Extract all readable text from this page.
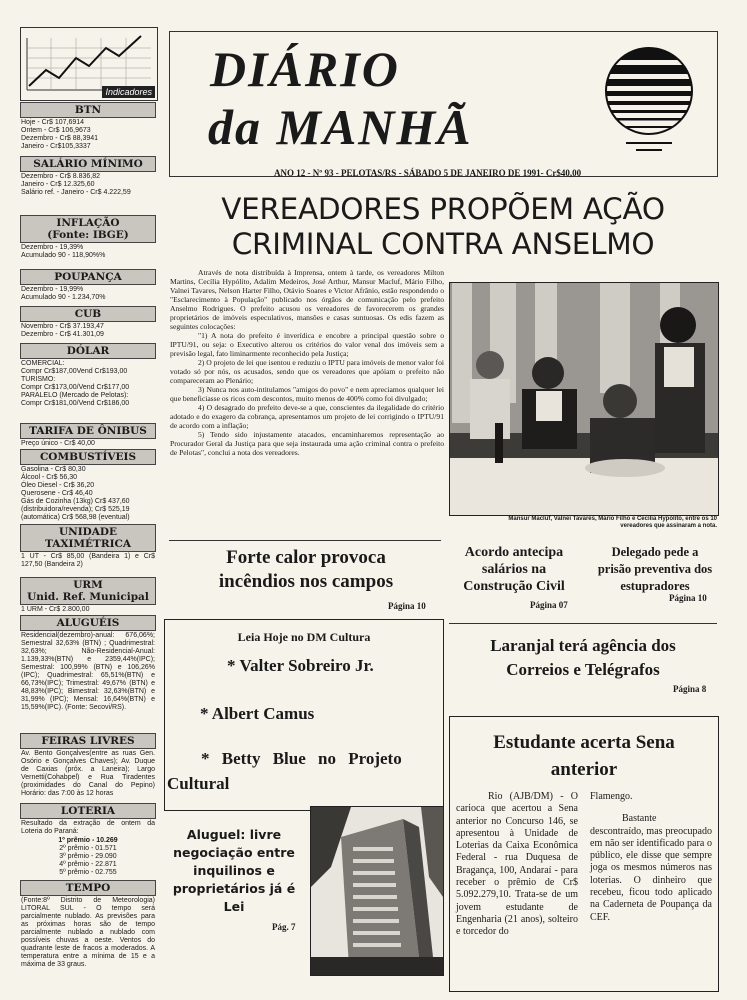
Indicadores
BTN
Hoje - Cr$ 107,6914
Ontem - Cr$ 106,9673
Dezembro - Cr$ 88,3941
Janeiro - Cr$105,3337
SALÁRIO MÍNIMO
Dezembro - Cr$ 8.836,82
Janeiro - Cr$ 12.325,60
Salário ref. - Janeiro - Cr$ 4.222,59
INFLAÇÃO
(Fonte: IBGE)
Dezembro - 19,39%
Acumulado 90 - 118,90%%
POUPANÇA
Dezembro - 19,99%
Acumulado 90 - 1.234,70%
CUB
Novembro - Cr$ 37.193,47
Dezembro - Cr$ 41.301,09
DÓLAR
COMERCIAL:
Compr Cr$187,00Vend Cr$193,00
TURISMO:
Compr Cr$173,00/Vend Cr$177,00
PARALELO (Mercado de Pelotas):
Compr Cr$181,00/Vend Cr$186,00
TARIFA DE ÔNIBUS
Preço único - Cr$ 40,00
COMBUSTÍVEIS
Gasolina - Cr$ 80,30
Álcool - Cr$ 56,30
Óleo Diesel - Cr$ 36,20
Querosene - Cr$ 46,40
Gás de Cozinha (13kg) Cr$ 437,60
(distribuidora/revenda); Cr$ 525,19
(automática) Cr$ 568,98 (eventual)
UNIDADE
TAXIMÉTRICA
1 UT - Cr$ 85,00 (Bandeira 1) e Cr$ 127,50 (Bandeira 2)
URM
Unid. Ref. Municipal
1 URM - Cr$ 2.800,00
ALUGUÉIS
Residencial(dezembro)-anual: 676,06%; Semestral 32,63% (BTN) ; Quadrimestral: 32,63%; Não-Residencial-Anual: 1.139,33%(BTN) e 2359,44%(IPC); Semestral: 100,99% (BTN) e 106,26%(IPC); Quadrimestral: 65,51%(BTN) e 66,73%(IPC); Trimestral: 49,67% (BTN) e 48,83%(IPC); Bimestral: 32,63%(BTN) e 31,99% (IPC); Mensal: 16,64%(BTN) e 15,59%(IPC). (Fonte: Secovi/RS).
FEIRAS LIVRES
Av. Bento Gonçalves(entre as ruas Gen. Osório e Gonçalves Chaves); Av. Duque de Caxias (próx. a Laneira); Largo Vernetti(Cohabpel) e Rua Tiradentes (proximidades do Canal do Pepino) Horário: das 7:00 às 12 horas
LOTERIA
Resultado da extração de ontem da Loteria do Paraná:
1º prêmio - 10.269
2º prêmio - 01.571
3º prêmio - 29.090
4º prêmio - 22.871
5º prêmio - 02.755
TEMPO
(Fonte:8º Distrito de Meteorologia) LITORAL SUL - O tempo será parcialmente nublado. As previsões para as próximas horas são de tempo parcialmente nublado a nublado com possíveis chuvas a oeste. Ventos do quadrante leste de fracos a moderados. A temperatura entre a mínima de 15 e a máxima de 33 graus.
DIÁRIO
da MANHÃ
ANO 12 - Nº 93 - PELOTAS/RS - SÁBADO 5 DE JANEIRO DE 1991- Cr$40,00
VEREADORES PROPÕEM AÇÃO
CRIMINAL CONTRA ANSELMO

Através de nota distribuída à Imprensa, ontem à tarde, os vereadores Milton Martins, Cecília Hypólito, Adalim Medeiros, José Arthur, Mansur Macluf, Mário Filho, Valnei Tavares, Nelson Harter Filho, Otávio Soares e Victor Afrânio, estão respondendo o "Esclarecimento à População" publicado nos órgãos de comunicação pelo prefeito Anselmo Rodrigues. O prefeito acusou os vereadores de favorecerem os grandes proprietários de imóveis especulativos, mansões e casas suntuosas. Os edis fazem as seguintes colocações:

"1) A nota do prefeito é inverídica e encobre a principal questão sobre o IPTU/91, ou seja: o Executivo alterou os critérios do valor venal dos imóveis sem a previsão legal, fato liminarmente reconhecido pela Justiça;

2) O projeto de lei que isentou e reduziu o IPTU para imóveis de menor valor foi votado só por nós, os acusados, sendo que os vereadores que apóiam o prefeito não compareceram ao Plenário;

3) Nunca nos auto-intitulamos "amigos do povo" e nem apreciamos qualquer lei que beneficiasse os ricos com descontos, muito menos de 400% como foi divulgado;

4) O desagrado do prefeito deve-se a que, conscientes da ilegalidade do critério adotado e do exagero da cobrança, apresentamos um projeto de lei corrigindo o IPTU/91 de acordo com a inflação;

5) Tendo sido injustamente atacados, encaminharemos representação ao Procurador Geral da Justiça para que seja instaurada uma ação criminal contra o prefeito de Pelotas", conclui a nota dos vereadores.

Mansur Macluf, Valnei Tavares, Mário Filho e Cecília Hypólito, entre os 10
vereadores que assinaram a nota.
Forte calor provoca
incêndios nos campos
Página 10
Acordo antecipa
salários na
Construção Civil
Página 07
Delegado pede a
prisão preventiva dos
estupradores
Página 10
Laranjal terá agência dos
Correios e Telégrafos
Página 8
Leia Hoje no DM Cultura
* Valter Sobreiro Jr.
* Albert Camus
* Betty Blue no Projeto
Cultural
Aluguel: livre
negociação entre
inquilinos e
proprietários já é
Lei
Pág. 7
Estudante acerta Sena
anterior
Rio (AJB/DM) - O carioca que acertou a Sena anterior no Concurso 146, se apresentou à Unidade de Loterias da Caixa Econômica Federal - rua Duquesa de Bragança, 100, Andaraí - para receber o prêmio de Cr$ 5.092.279,10. Trata-se de um jovem estudante de Engenharia (21 anos), solteiro e torcedor do
Flamengo.
Bastante descontraído, mas preocupado em não ser identificado para o público, ele disse que sempre joga os mesmos números nas loterias. O dinheiro que recebeu, ficou todo aplicado na Caderneta de Poupança da CEF.
